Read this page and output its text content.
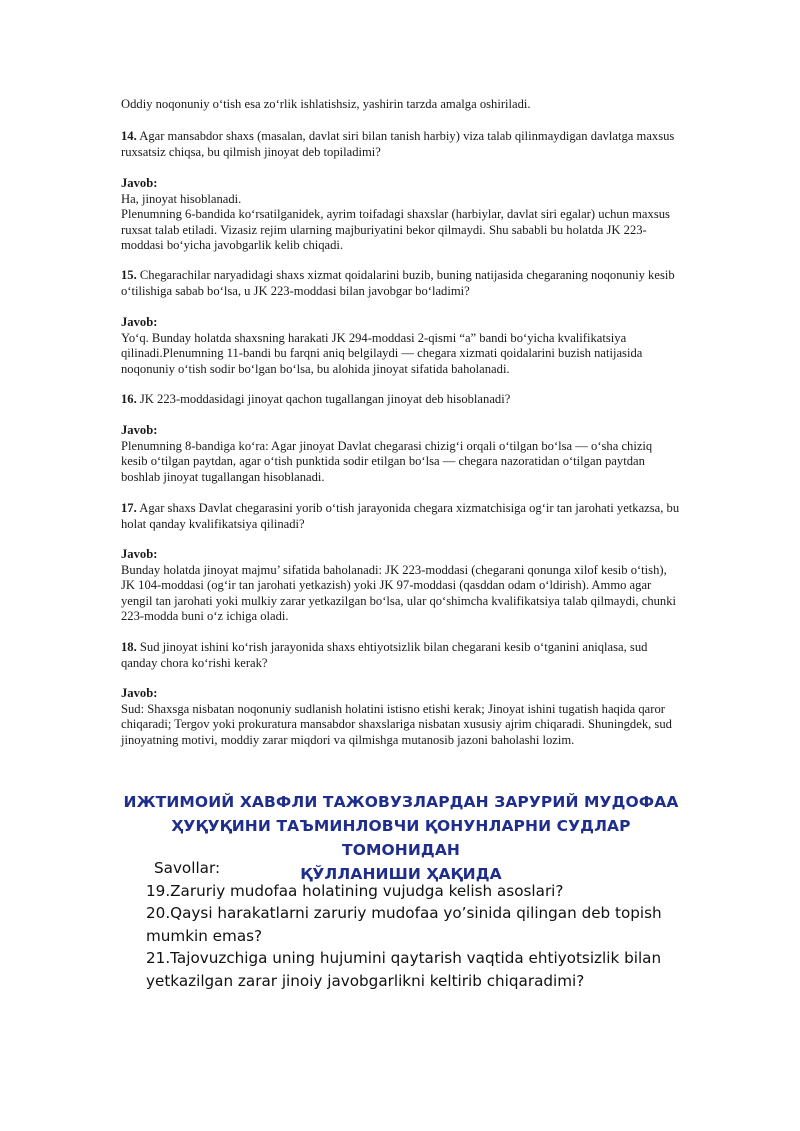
Oddiy noqonuniy oʻtish esa zoʻrlik ishlatishsiz, yashirin tarzda amalga oshiriladi.

14. Agar mansabdor shaxs (masalan, davlat siri bilan tanish harbiy) viza talab qilinmaydigan davlatga maxsus ruxsatsiz chiqsa, bu qilmish jinoyat deb topiladimi?

Javob:

Ha, jinoyat hisoblanadi.

Plenumning 6-bandida koʻrsatilganidek, ayrim toifadagi shaxslar (harbiylar, davlat siri egalar) uchun maxsus ruxsat talab etiladi. Vizasiz rejim ularning majburiyatini bekor qilmaydi. Shu sababli bu holatda JK 223-moddasi boʻyicha javobgarlik kelib chiqadi.

15. Chegarachilar naryadidagi shaxs xizmat qoidalarini buzib, buning natijasida chegaraning noqonuniy kesib oʻtilishiga sabab boʻlsa, u JK 223-moddasi bilan javobgar boʻladimi?

Javob:

Yoʻq. Bunday holatda shaxsning harakati JK 294-moddasi 2-qismi “a” bandi boʻyicha kvalifikatsiya qilinadi.Plenumning 11-bandi bu farqni aniq belgilaydi — chegara xizmati qoidalarini buzish natijasida noqonuniy oʻtish sodir boʻlgan boʻlsa, bu alohida jinoyat sifatida baholanadi.

16. JK 223-moddasidagi jinoyat qachon tugallangan jinoyat deb hisoblanadi?

Javob:

Plenumning 8-bandiga koʻra: Agar jinoyat Davlat chegarasi chizigʻi orqali oʻtilgan boʻlsa — oʻsha chiziq kesib oʻtilgan paytdan, agar oʻtish punktida sodir etilgan boʻlsa — chegara nazoratidan oʻtilgan paytdan boshlab jinoyat tugallangan hisoblanadi.

17. Agar shaxs Davlat chegarasini yorib oʻtish jarayonida chegara xizmatchisiga ogʻir tan jarohati yetkazsa, bu holat qanday kvalifikatsiya qilinadi?

Javob:

Bunday holatda jinoyat majmu’ sifatida baholanadi: JK 223-moddasi (chegarani qonunga xilof kesib oʻtish), JK 104-moddasi (ogʻir tan jarohati yetkazish) yoki JK 97-moddasi (qasddan odam oʻldirish). Ammo agar yengil tan jarohati yoki mulkiy zarar yetkazilgan boʻlsa, ular qoʻshimcha kvalifikatsiya talab qilmaydi, chunki 223-modda buni oʻz ichiga oladi.

18. Sud jinoyat ishini koʻrish jarayonida shaxs ehtiyotsizlik bilan chegarani kesib oʻtganini aniqlasa, sud qanday chora koʻrishi kerak?

Javob:

Sud: Shaxsga nisbatan noqonuniy sudlanish holatini istisno etishi kerak; Jinoyat ishini tugatish haqida qaror chiqaradi; Tergov yoki prokuratura mansabdor shaxslariga nisbatan xususiy ajrim chiqaradi. Shuningdek, sud jinoyatning motivi, moddiy zarar miqdori va qilmishga mutanosib jazoni baholashi lozim.

ИЖТИМОИЙ ХАВФЛИ ТАЖОВУЗЛАРДАН ЗАРУРИЙ МУДОФАА
ҲУҚУҚИНИ ТАЪМИНЛОВЧИ ҚОНУНЛАРНИ СУДЛАР ТОМОНИДАН
ҚЎЛЛАНИШИ ҲАҚИДА

Savollar:

19.Zaruriy mudofaa holatining vujudga kelish asoslari?

20.Qaysi harakatlarni zaruriy mudofaa yo’sinida qilingan deb topish mumkin emas?

21.Tajovuzchiga uning hujumini qaytarish vaqtida ehtiyotsizlik bilan yetkazilgan zarar jinoiy javobgarlikni keltirib chiqaradimi?
